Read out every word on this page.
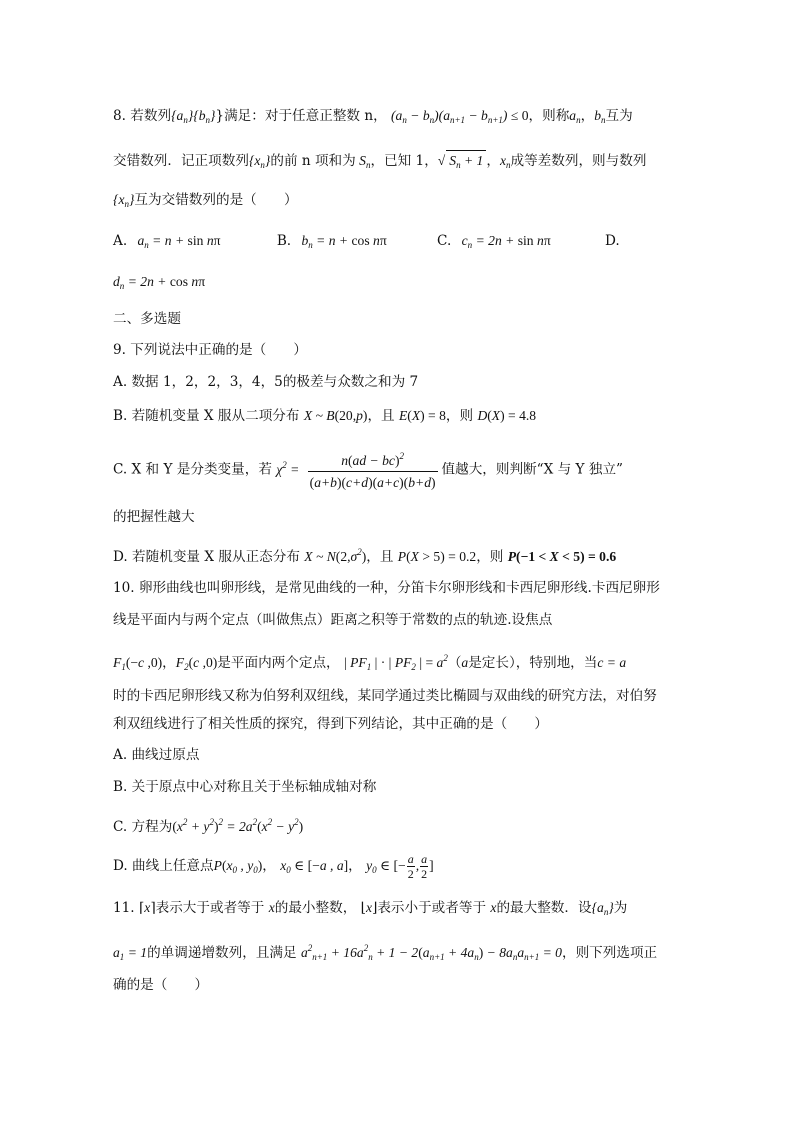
8. 若数列$\{a_n\}\{b_n\}$}满足：对于任意正整数 n， $(a_n - b_n)(a_{n+1} - b_{n+1}) \le 0$，则称$a_n$，$b_n$互为
交错数列．记正项数列$\{x_n\}$的前 n 项和为 $S_n$，已知 1，√ $S_n + 1$ ，$x_n$成等差数列，则与数列
$\{x_n\}$互为交错数列的是（　　）
A. $a_n = n + \sin n\pi$	B. $b_n = n + \cos n\pi$	C. $c_n = 2n + \sin n\pi$	D.
$d_n = 2n + \cos n\pi$
二、多选题
9. 下列说法中正确的是（　　）
A. 数据 1，2，2，3，4，5的极差与众数之和为 7
B. 若随机变量 X 服从二项分布 X ~ B(20,p)，且 E(X) = 8，则 D(X) = 4.8
C. X 和 Y 是分类变量，若 $\chi^2 = \frac{n(ad - bc)^2}{(a+b)(c+d)(a+c)(b+d)}$ 值越大，则判断“X 与 Y 独立”
的把握性越大
D. 若随机变量 X 服从正态分布 X ~ $N(2,\sigma^2)$，且 P(X > 5) = 0.2，则 P(−1 < X < 5) = 0.6
10. 卵形曲线也叫卵形线，是常见曲线的一种，分笛卡尔卵形线和卡西尼卵形线.卡西尼卵形
线是平面内与两个定点（叫做焦点）距离之积等于常数的点的轨迹.设焦点
$F_1(-c$ ,0)，$F_2(c$ ,0)是平面内两个定点， | $PF_1$ | · | $PF_2$ | = $a^2(a$是定长），特别地，当c = a
时的卡西尼卵形线又称为伯努利双纽线，某同学通过类比椭圆与双曲线的研究方法，对伯努
利双纽线进行了相关性质的探究，得到下列结论，其中正确的是（　　）
A. 曲线过原点
B. 关于原点中心对称且关于坐标轴成轴对称
C. 方程为$(x^2 + y^2)^2 = 2a^2(x^2 - y^2)$
D. 曲线上任意点$P(x_0$ , $y_0$)， $x_0$ ∈ [−a , a]， $y_0$ ∈ [− $\frac{a}{2}$ , $\frac{a}{2}$ ]
11. ⌈x⌉表示大于或者等于 x的最小整数， ⌊x⌋表示小于或者等于 x的最大整数．设$\{a_n\}$为
$a_1 = 1$的单调递增数列，且满足 $a^2_{n+1} + 16a^2_n + 1 - 2(a_{n+1} + 4a_n) - 8a_na_{n+1} = 0$，则下列选项正
确的是（　　）
